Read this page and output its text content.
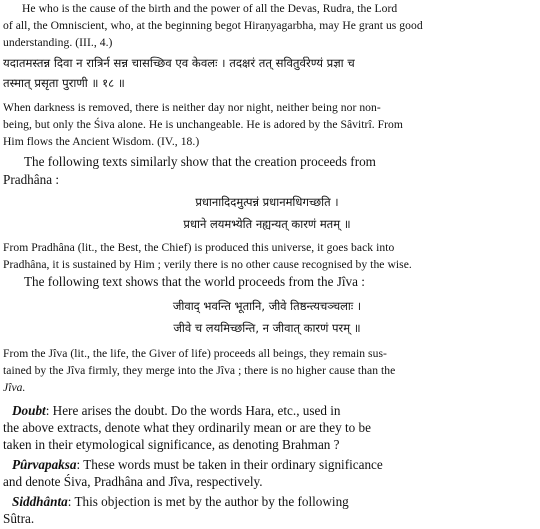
He who is the cause of the birth and the power of all the Devas, Rudra, the Lord
of all, the Omniscient, who, at the beginning begot Hiraṇyagarbha, may He grant us good
understanding. (III., 4.)
यदातमस्तन्न दिवा न रात्रिर्न सन्न चासच्छिव एव केवलः । तदक्षरं तत् सवितुर्वरेण्यं प्रज्ञा च
तस्मात् प्रसृता पुराणी ॥ १८ ॥
When darkness is removed, there is neither day nor night, neither being nor non-
being, but only the Śiva alone. He is unchangeable. He is adored by the Sâvitrî. From
Him flows the Ancient Wisdom. (IV., 18.)
The following texts similarly show that the creation proceeds from
Pradhâna :
प्रधानादिदमुत्पन्नं प्रधानमधिगच्छति ।
प्रधाने लयमभ्येति नह्यन्यत् कारणं मतम् ॥
From Pradhâna (lit., the Best, the Chief) is produced this universe, it goes back into
Pradhâna, it is sustained by Him ; verily there is no other cause recognised by the wise.
The following text shows that the world proceeds from the Jîva :
जीवाद् भवन्ति भूतानि, जीवे तिष्ठन्त्यचञ्चलाः ।
जीवे च लयमिच्छन्ति, न जीवात् कारणं परम् ॥
From the Jîva (lit., the life, the Giver of life) proceeds all beings, they remain sus-
tained by the Jîva firmly, they merge into the Jîva ; there is no higher cause than the
Jîva.
Doubt: Here arises the doubt. Do the words Hara, etc., used in
the above extracts, denote what they ordinarily mean or are they to be
taken in their etymological significance, as denoting Brahman ?
Pûrvapaksa: These words must be taken in their ordinary significance
and denote Śiva, Pradhâna and Jîva, respectively.
Siddhânta: This objection is met by the author by the following
Sûtra.
